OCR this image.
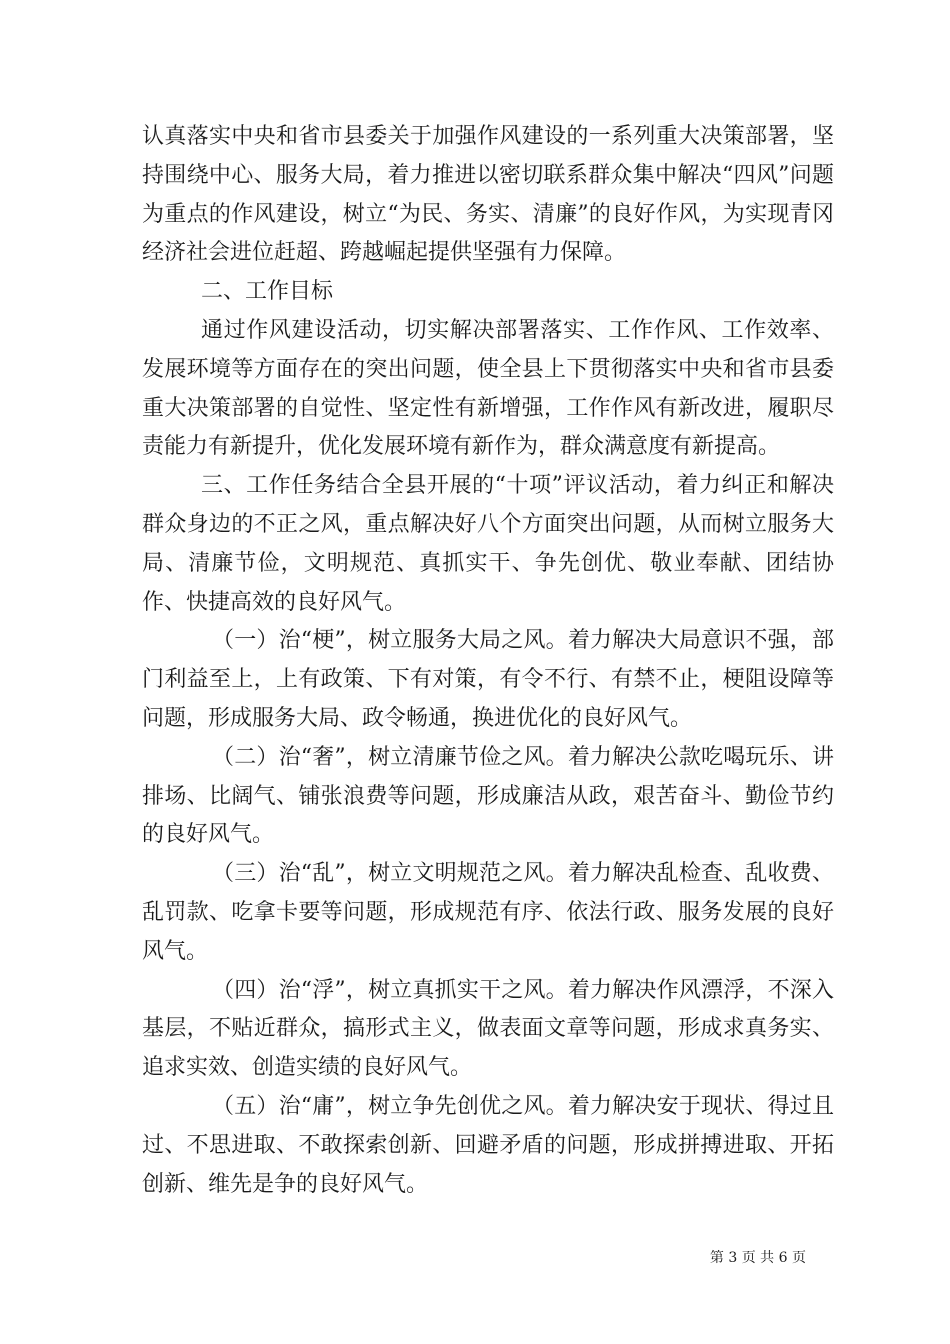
认真落实中央和省市县委关于加强作风建设的一系列重大决策部署，坚持围绕中心、服务大局，着力推进以密切联系群众集中解决“四风”问题为重点的作风建设，树立“为民、务实、清廉”的良好作风，为实现青冈经济社会进位赶超、跨越崛起提供坚强有力保障。

二、工作目标

通过作风建设活动，切实解决部署落实、工作作风、工作效率、发展环境等方面存在的突出问题，使全县上下贯彻落实中央和省市县委重大决策部署的自觉性、坚定性有新增强，工作作风有新改进，履职尽责能力有新提升，优化发展环境有新作为，群众满意度有新提高。

三、工作任务结合全县开展的“十项”评议活动，着力纠正和解决群众身边的不正之风，重点解决好八个方面突出问题，从而树立服务大局、清廉节俭，文明规范、真抓实干、争先创优、敬业奉献、团结协作、快捷高效的良好风气。

（一）治“梗”，树立服务大局之风。着力解决大局意识不强，部门利益至上，上有政策、下有对策，有令不行、有禁不止，梗阻设障等问题，形成服务大局、政令畅通，换进优化的良好风气。

（二）治“奢”，树立清廉节俭之风。着力解决公款吃喝玩乐、讲排场、比阔气、铺张浪费等问题，形成廉洁从政，艰苦奋斗、勤俭节约的良好风气。

（三）治“乱”，树立文明规范之风。着力解决乱检查、乱收费、乱罚款、吃拿卡要等问题，形成规范有序、依法行政、服务发展的良好风气。

（四）治“浮”，树立真抓实干之风。着力解决作风漂浮，不深入基层，不贴近群众，搞形式主义，做表面文章等问题，形成求真务实、追求实效、创造实绩的良好风气。

（五）治“庸”，树立争先创优之风。着力解决安于现状、得过且过、不思进取、不敢探索创新、回避矛盾的问题，形成拼搏进取、开拓创新、维先是争的良好风气。

第 3 页 共 6 页
